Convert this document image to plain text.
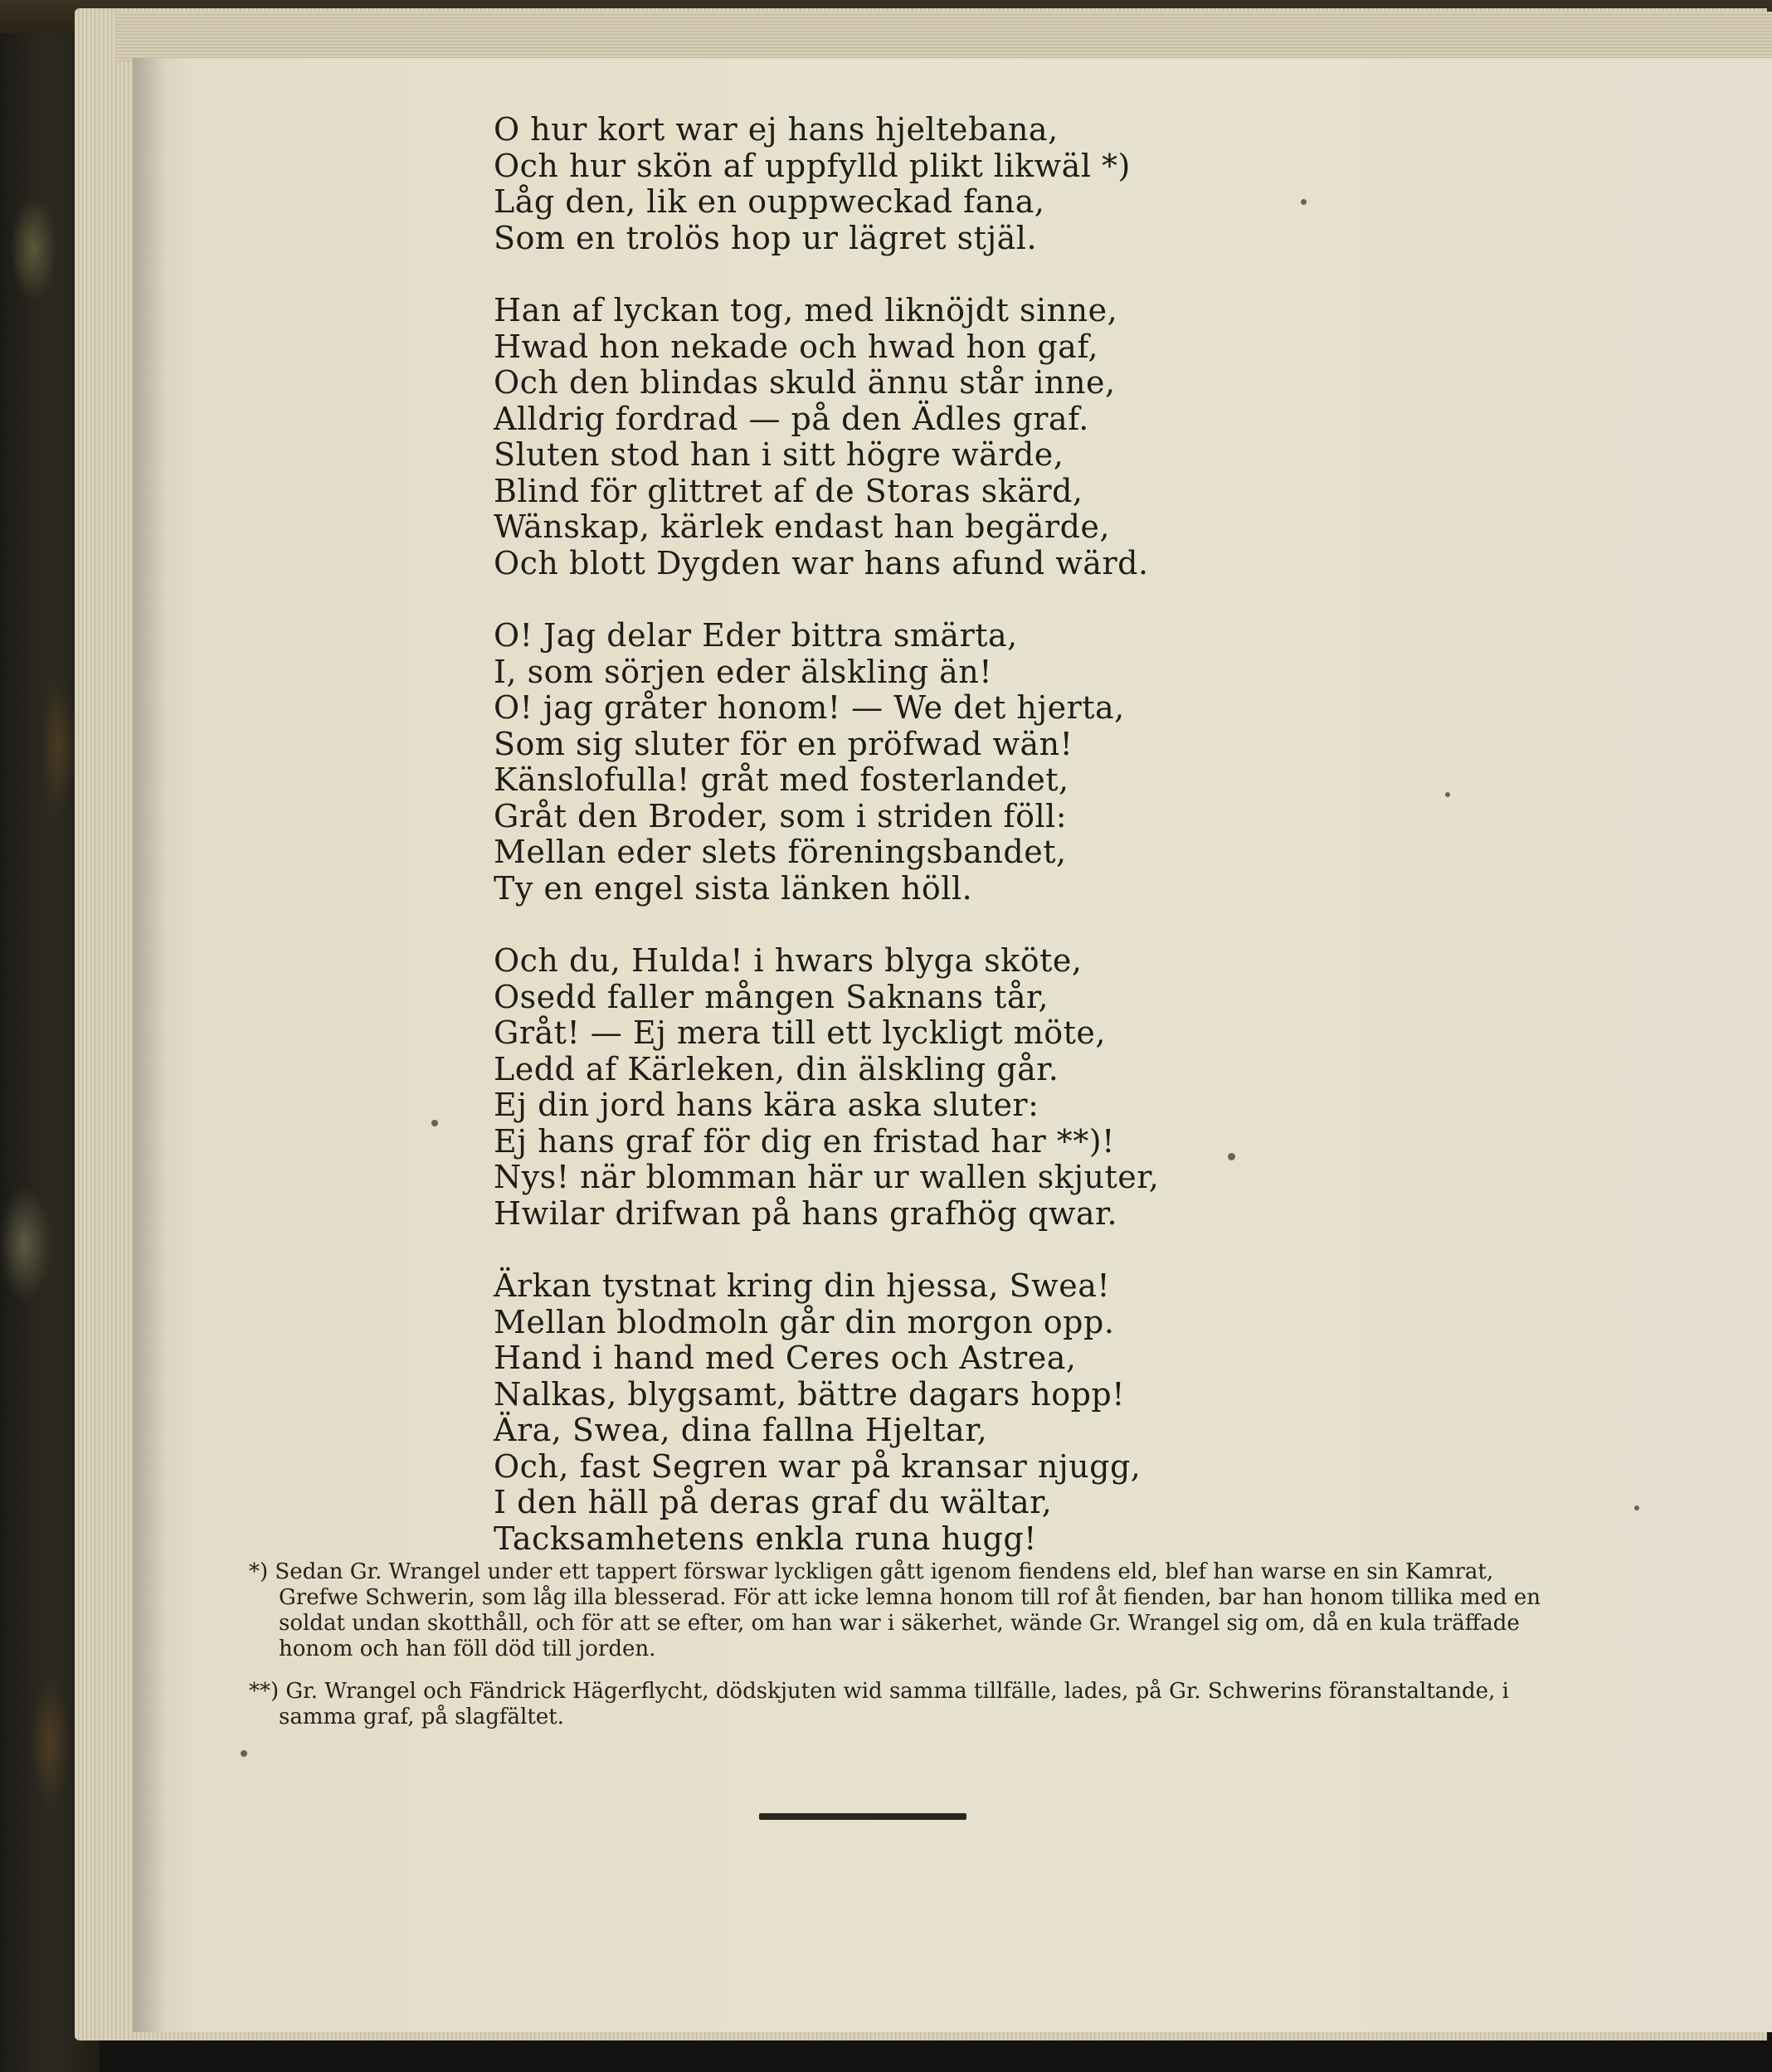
O hur kort war ej hans hjeltebana,
Och hur skön af uppfylld plikt likwäl *)
Låg den, lik en ouppweckad fana,
Som en trolös hop ur lägret stjäl.
Han af lyckan tog, med liknöjdt sinne,
Hwad hon nekade och hwad hon gaf,
Och den blindas skuld ännu står inne,
Alldrig fordrad — på den Ädles graf.
Sluten stod han i sitt högre wärde,
Blind för glittret af de Storas skärd,
Wänskap, kärlek endast han begärde,
Och blott Dygden war hans afund wärd.
O! Jag delar Eder bittra smärta,
I, som sörjen eder älskling än!
O! jag gråter honom! — We det hjerta,
Som sig sluter för en pröfwad wän!
Känslofulla! gråt med fosterlandet,
Gråt den Broder, som i striden föll:
Mellan eder slets föreningsbandet,
Ty en engel sista länken höll.
Och du, Hulda! i hwars blyga sköte,
Osedd faller mången Saknans tår,
Gråt! — Ej mera till ett lyckligt möte,
Ledd af Kärleken, din älskling går.
Ej din jord hans kära aska sluter:
Ej hans graf för dig en fristad har **)!
Nys! när blomman här ur wallen skjuter,
Hwilar drifwan på hans grafhög qwar.
Ärkan tystnat kring din hjessa, Swea!
Mellan blodmoln går din morgon opp.
Hand i hand med Ceres och Astrea,
Nalkas, blygsamt, bättre dagars hopp!
Ära, Swea, dina fallna Hjeltar,
Och, fast Segren war på kransar njugg,
I den häll på deras graf du wältar,
Tacksamhetens enkla runa hugg!

*) Sedan Gr. Wrangel under ett tappert förswar lyckligen gått igenom fiendens eld, blef han warse en sin Kamrat, Grefwe Schwerin, som låg illa blesserad. För att icke lemna honom till rof åt fienden, bar han honom tillika med en soldat undan skotthåll, och för att se efter, om han war i säkerhet, wände Gr. Wrangel sig om, då en kula träffade honom och han föll död till jorden.

**) Gr. Wrangel och Fändrick Hägerflycht, dödskjuten wid samma tillfälle, lades, på Gr. Schwerins föranstaltande, i samma graf, på slagfältet.
